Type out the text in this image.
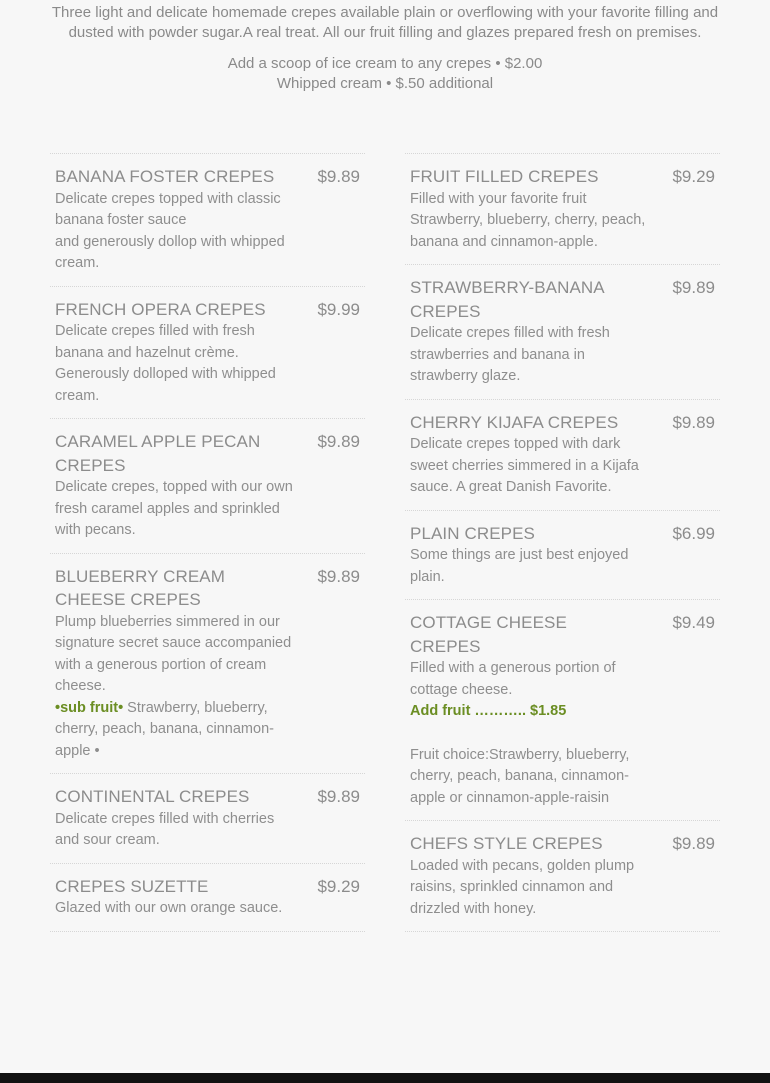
Three light and delicate homemade crepes available plain or overflowing with your favorite filling and dusted with powder sugar.A real treat. All our fruit filling and glazes prepared fresh on premises.

Add a scoop of ice cream to any crepes • $2.00

Whipped cream • $.50 additional

BANANA FOSTER CREPES	$9.89
Delicate crepes topped with classic banana foster sauce
and generously dollop with whipped cream.
FRENCH OPERA CREPES	$9.99
Delicate crepes filled with fresh banana and hazelnut crème. Generously dolloped with whipped cream.
CARAMEL APPLE PECAN CREPES
$9.89
Delicate crepes, topped with our own fresh caramel apples and sprinkled
with pecans.
BLUEBERRY CREAM CHEESE CREPES
$9.89
Plump blueberries simmered in our signature secret sauce accompanied
with a generous portion of cream cheese.
•sub fruit• Strawberry, blueberry, cherry, peach, banana, cinnamon-apple •
CONTINENTAL CREPES	$9.89
Delicate crepes filled with cherries and sour cream.
CREPES SUZETTE	$9.29
Glazed with our own orange sauce.
FRUIT FILLED CREPES	$9.29
Filled with your favorite fruit Strawberry, blueberry, cherry, peach, banana and cinnamon-apple.
STRAWBERRY-BANANA CREPES
$9.89
Delicate crepes filled with fresh strawberries and banana in strawberry glaze.
CHERRY KIJAFA CREPES	$9.89
Delicate crepes topped with dark sweet cherries simmered in a Kijafa sauce. A great Danish Favorite.
PLAIN CREPES	$6.99
Some things are just best enjoyed plain.
COTTAGE CHEESE CREPES
$9.49
Filled with a generous portion of cottage cheese.
Add fruit ……….. $1.85
Fruit choice:Strawberry, blueberry, cherry, peach, banana, cinnamon-apple or cinnamon-apple-raisin
CHEFS STYLE CREPES	$9.89
Loaded with pecans, golden plump raisins, sprinkled cinnamon and drizzled with honey.
